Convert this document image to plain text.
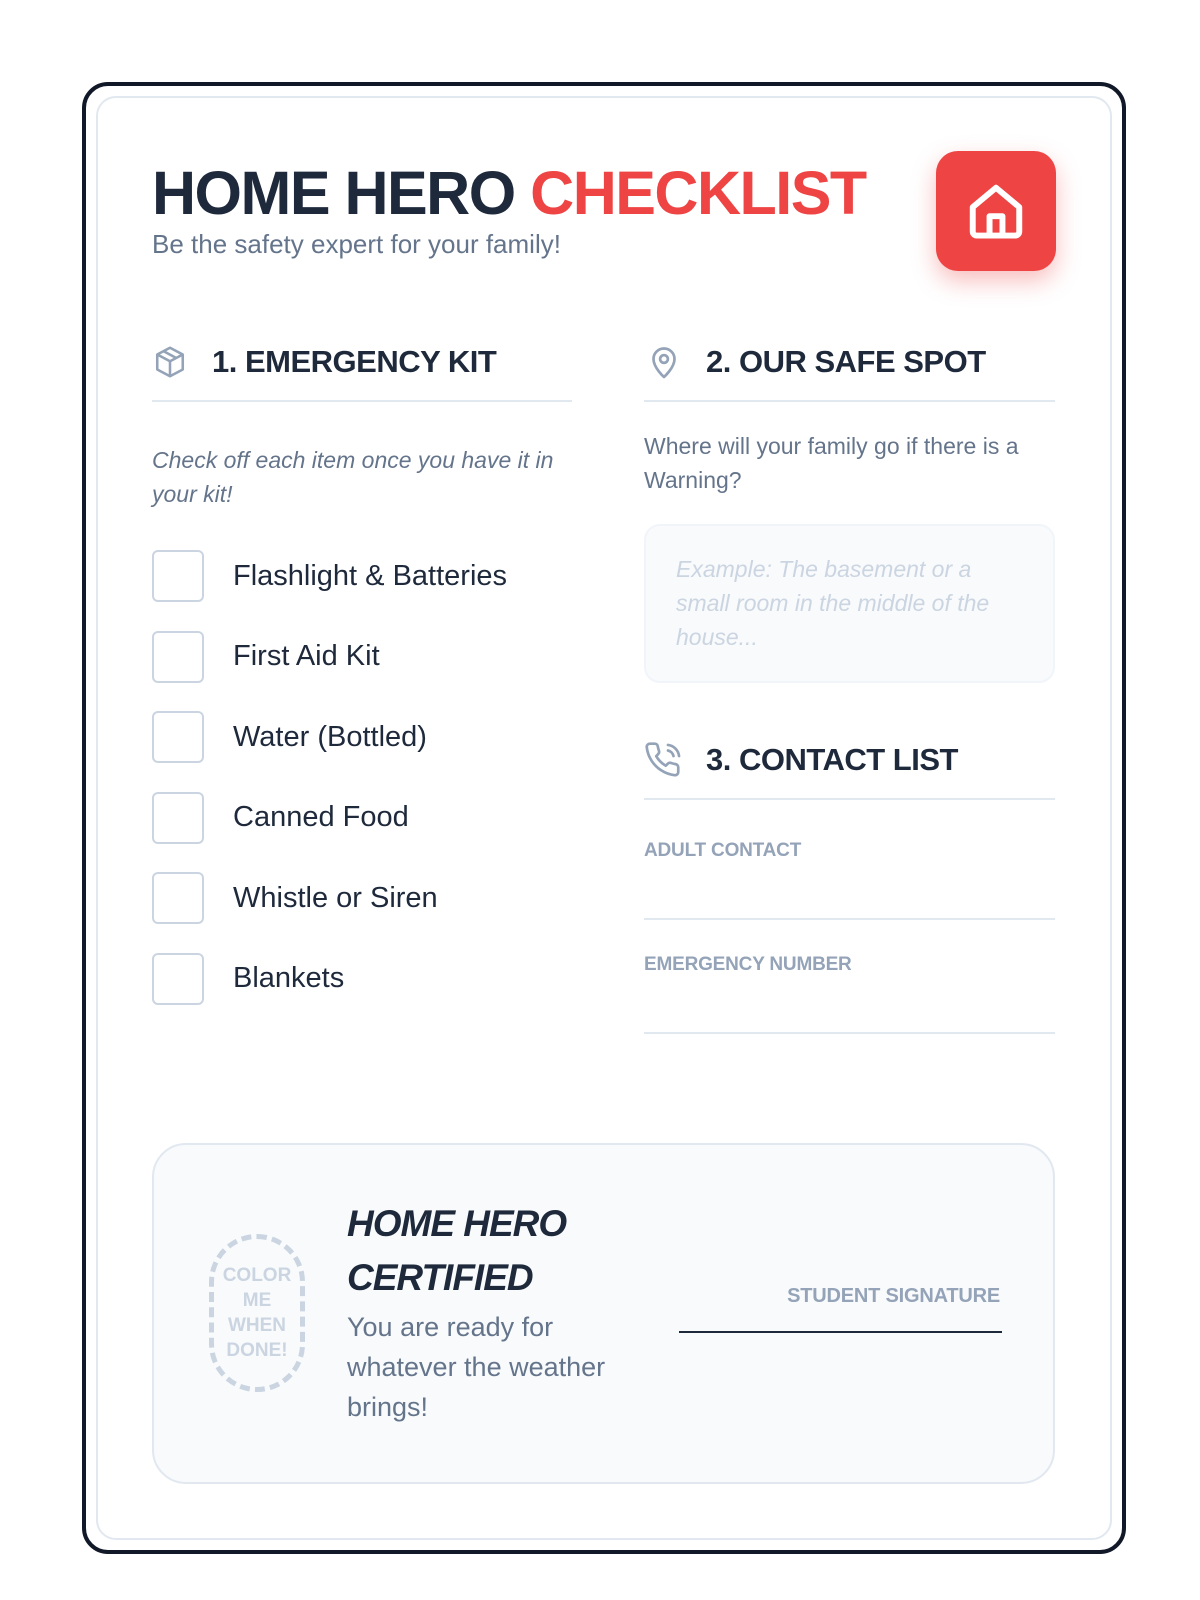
HOME HERO CHECKLIST
Be the safety expert for your family!
1. EMERGENCY KIT
Check off each item once you have it in your kit!
Flashlight & Batteries
First Aid Kit
Water (Bottled)
Canned Food
Whistle or Siren
Blankets
2. OUR SAFE SPOT
Where will your family go if there is a Warning?
Example: The basement or a small room in the middle of the house...
3. CONTACT LIST
ADULT CONTACT
EMERGENCY NUMBER
COLOR ME WHEN DONE!
HOME HERO CERTIFIED
You are ready for whatever the weather brings!
STUDENT SIGNATURE
